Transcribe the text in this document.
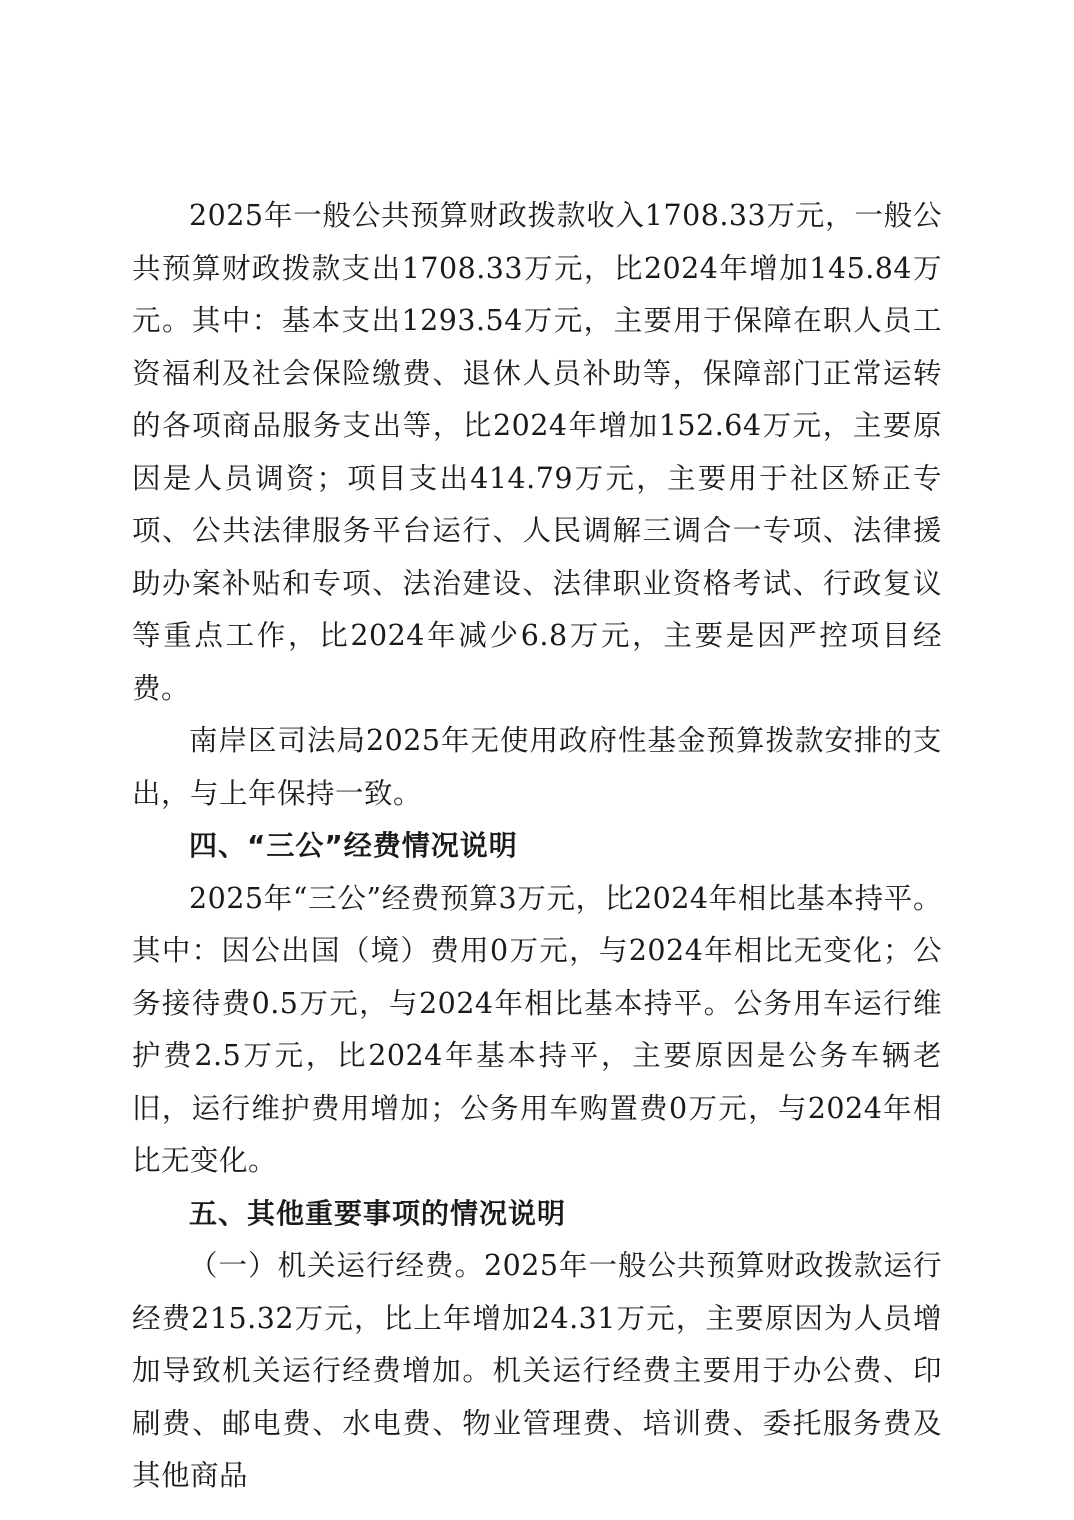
2025年一般公共预算财政拨款收入1708.33万元，一般公共预算财政拨款支出1708.33万元，比2024年增加145.84万元。其中：基本支出1293.54万元，主要用于保障在职人员工资福利及社会保险缴费、退休人员补助等，保障部门正常运转的各项商品服务支出等，比2024年增加152.64万元，主要原因是人员调资；项目支出414.79万元，主要用于社区矫正专项、公共法律服务平台运行、人民调解三调合一专项、法律援助办案补贴和专项、法治建设、法律职业资格考试、行政复议等重点工作，比2024年减少6.8万元，主要是因严控项目经费。

南岸区司法局2025年无使用政府性基金预算拨款安排的支出，与上年保持一致。

四、“三公”经费情况说明

2025年“三公”经费预算3万元，比2024年相比基本持平。其中：因公出国（境）费用0万元，与2024年相比无变化；公务接待费0.5万元，与2024年相比基本持平。公务用车运行维护费2.5万元，比2024年基本持平，主要原因是公务车辆老旧，运行维护费用增加；公务用车购置费0万元，与2024年相比无变化。

五、其他重要事项的情况说明

（一）机关运行经费。2025年一般公共预算财政拨款运行经费215.32万元，比上年增加24.31万元，主要原因为人员增加导致机关运行经费增加。机关运行经费主要用于办公费、印刷费、邮电费、水电费、物业管理费、培训费、委托服务费及其他商品
